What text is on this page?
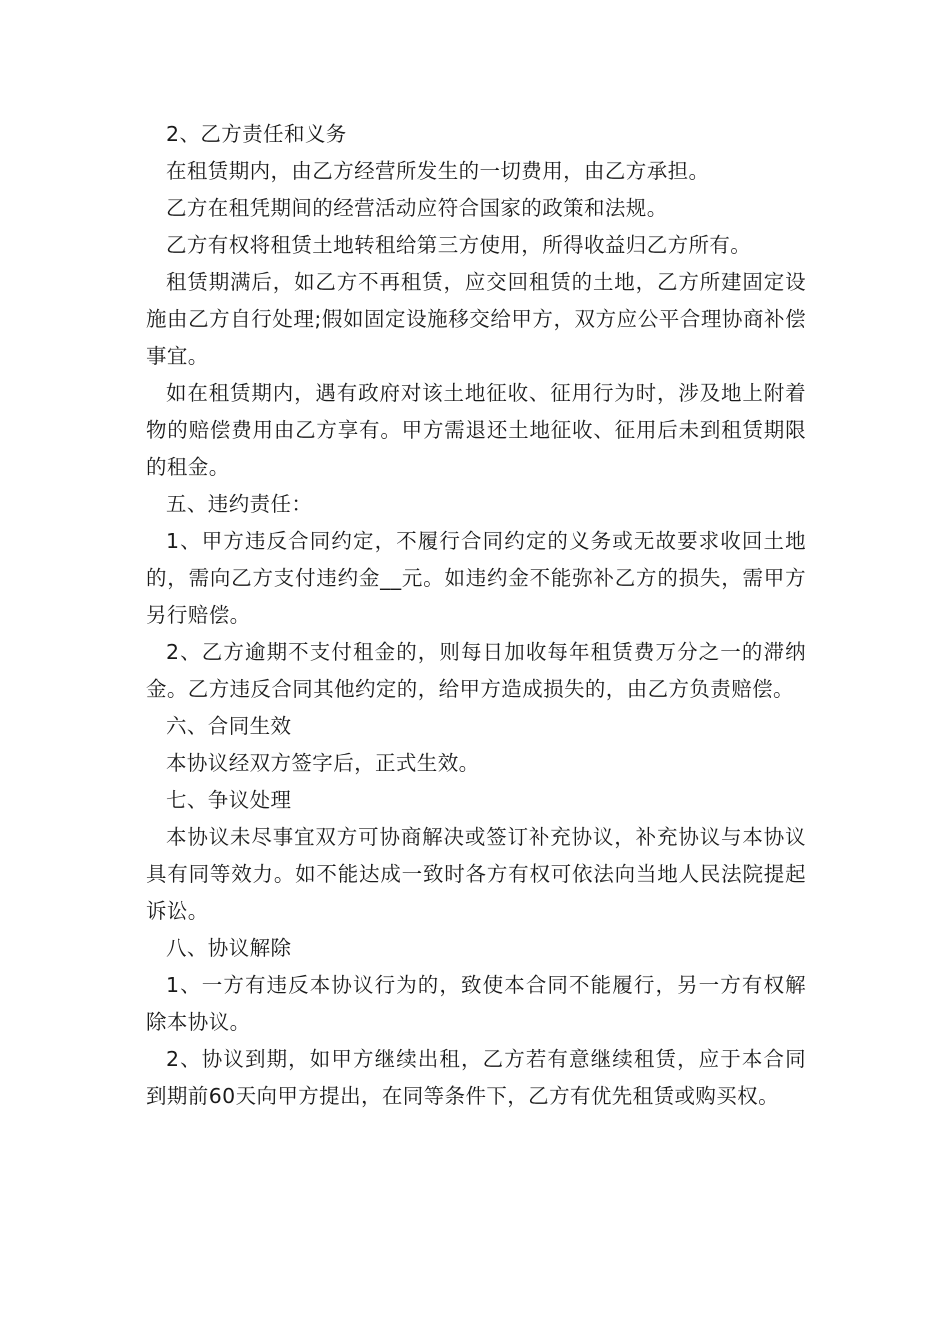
2、乙方责任和义务

在租赁期内，由乙方经营所发生的一切费用，由乙方承担。

乙方在租凭期间的经营活动应符合国家的政策和法规。

乙方有权将租赁土地转租给第三方使用，所得收益归乙方所有。

租赁期满后，如乙方不再租赁，应交回租赁的土地，乙方所建固定设施由乙方自行处理;假如固定设施移交给甲方，双方应公平合理协商补偿事宜。

如在租赁期内，遇有政府对该土地征收、征用行为时，涉及地上附着物的赔偿费用由乙方享有。甲方需退还土地征收、征用后未到租赁期限的租金。

五、违约责任：

1、甲方违反合同约定，不履行合同约定的义务或无故要求收回土地的，需向乙方支付违约金__元。如违约金不能弥补乙方的损失，需甲方另行赔偿。

2、乙方逾期不支付租金的，则每日加收每年租赁费万分之一的滞纳金。乙方违反合同其他约定的，给甲方造成损失的，由乙方负责赔偿。

六、合同生效

本协议经双方签字后，正式生效。

七、争议处理

本协议未尽事宜双方可协商解决或签订补充协议，补充协议与本协议具有同等效力。如不能达成一致时各方有权可依法向当地人民法院提起诉讼。

八、协议解除

1、一方有违反本协议行为的，致使本合同不能履行，另一方有权解除本协议。

2、协议到期，如甲方继续出租，乙方若有意继续租赁，应于本合同到期前60天向甲方提出，在同等条件下，乙方有优先租赁或购买权。
